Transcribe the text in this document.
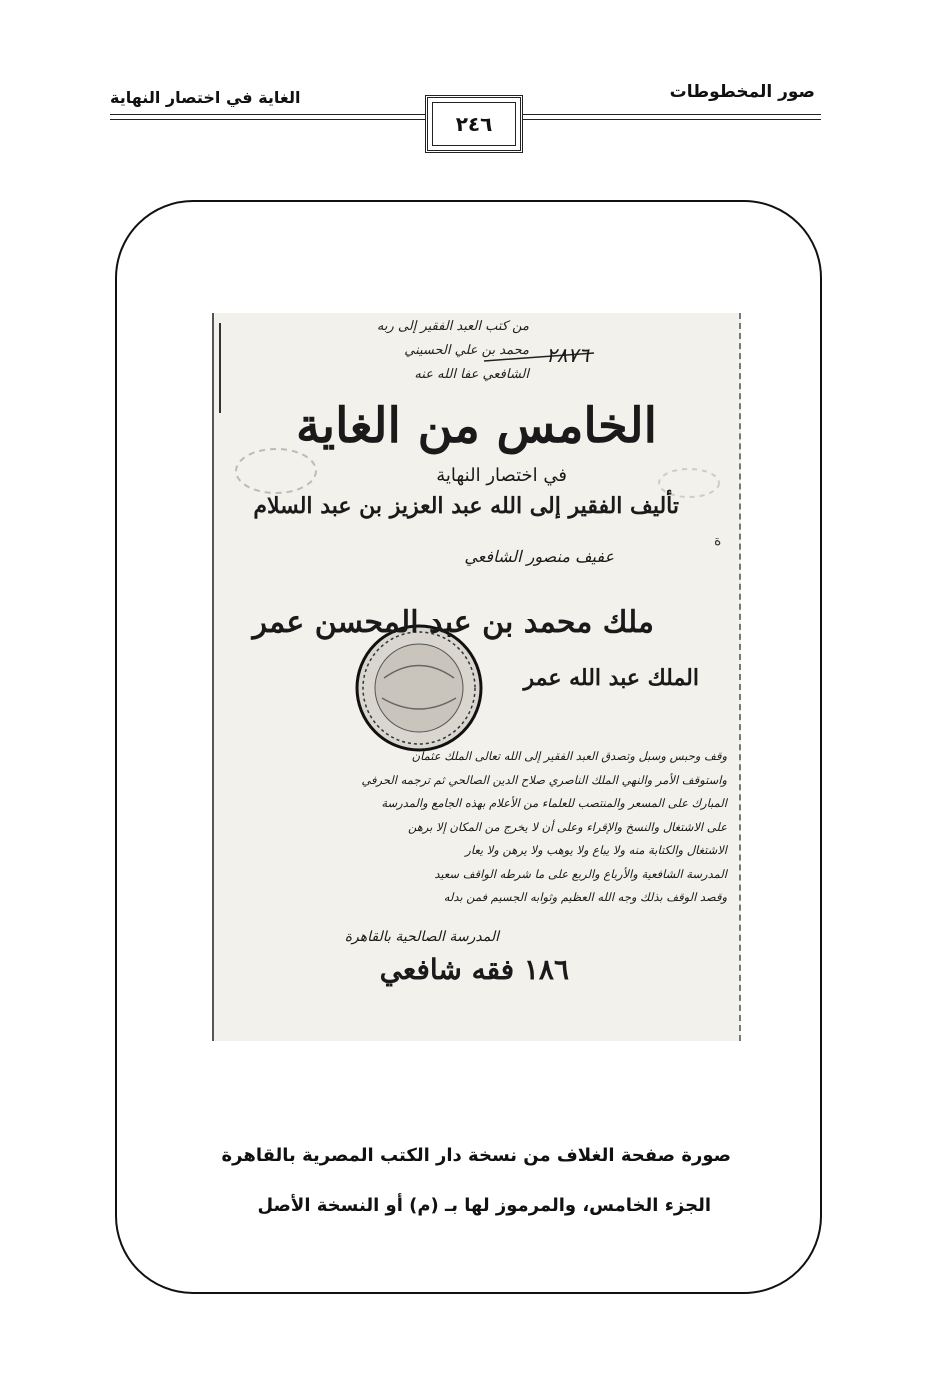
صور المخطوطات
الغاية في اختصار النهاية
٢٤٦
ة
من كتب العبد الفقير إلى ربه
محمد بن علي الحسيني
الشافعي عفا الله عنه
٢٨٧٦
الخامس من الغاية
في اختصار النهاية
تأليف الفقير إلى الله عبد العزيز بن عبد السلام
عفيف منصور الشافعي
ملك محمد بن عبد المحسن عمر
الملك عبد الله عمر
وقف وحبس وسبل وتصدق العبد الفقير إلى الله تعالى الملك عثمان
واستوقف الأمر والنهي الملك الناصري صلاح الدين الصالحي ثم ترجمه الحرفي
المبارك على المسعر والمنتصب للعلماء من الأعلام بهذه الجامع والمدرسة
على الاشتغال والنسخ والإقراء وعلى أن لا يخرج من المكان إلا برهن
الاشتغال والكتابة منه ولا يباع ولا يوهب ولا يرهن ولا يعار
المدرسة الشافعية والأرباع والربع على ما شرطه الواقف سعيد
وقصد الوقف بذلك وجه الله العظيم وثوابه الجسيم فمن بدله
المدرسة الصالحية بالقاهرة
١٨٦ فقه شافعي
صورة صفحة الغلاف من نسخة دار الكتب المصرية بالقاهرة
الجزء الخامس، والمرموز لها بـ (م) أو النسخة الأصل
